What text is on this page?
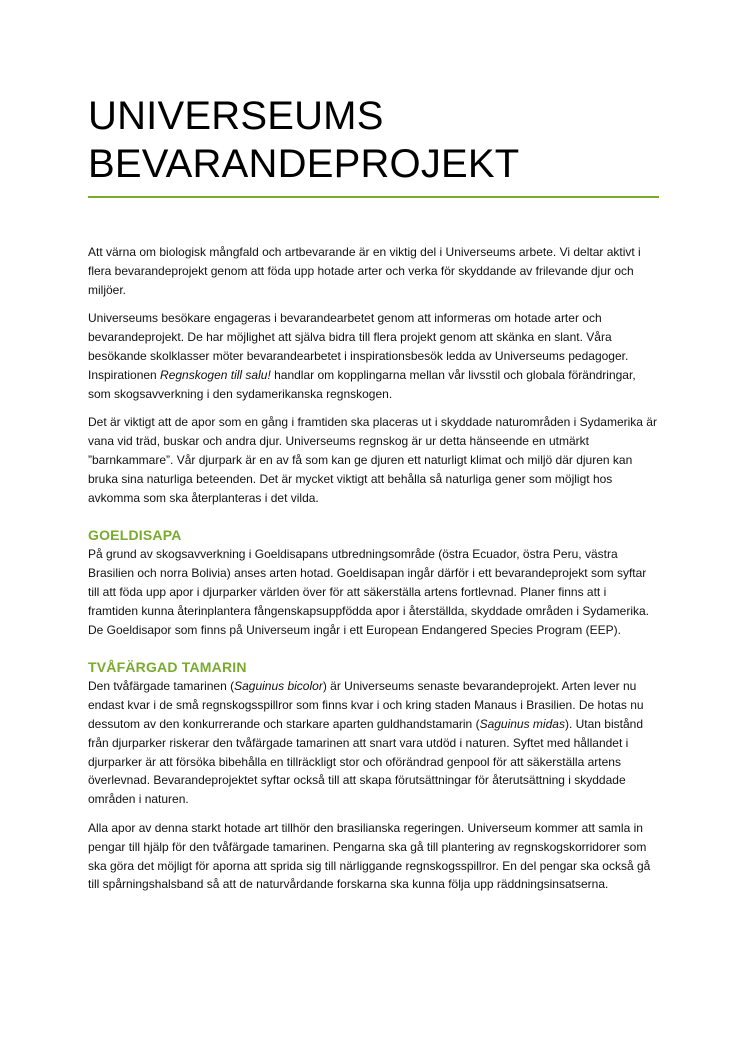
UNIVERSEUMS
BEVARANDEPROJEKT

Att värna om biologisk mångfald och artbevarande är en viktig del i Universeums arbete. Vi deltar aktivt i flera bevarandeprojekt genom att föda upp hotade arter och verka för skyddande av frilevande djur och miljöer.

Universeums besökare engageras i bevarandearbetet genom att informeras om hotade arter och bevarandeprojekt. De har möjlighet att själva bidra till flera projekt genom att skänka en slant. Våra besökande skolklasser möter bevarandearbetet i inspirationsbesök ledda av Universeums pedagoger. Inspirationen Regnskogen till salu! handlar om kopplingarna mellan vår livsstil och globala förändringar, som skogsavverkning i den sydamerikanska regnskogen.

Det är viktigt att de apor som en gång i framtiden ska placeras ut i skyddade naturområden i Sydamerika är vana vid träd, buskar och andra djur. Universeums regnskog är ur detta hänseende en utmärkt ”barnkammare”. Vår djurpark är en av få som kan ge djuren ett naturligt klimat och miljö där djuren kan bruka sina naturliga beteenden. Det är mycket viktigt att behålla så naturliga gener som möjligt hos avkomma som ska återplanteras i det vilda.

GOELDISAPA

På grund av skogsavverkning i Goeldisapans utbredningsområde (östra Ecuador, östra Peru, västra Brasilien och norra Bolivia) anses arten hotad. Goeldisapan ingår därför i ett bevarandeprojekt som syftar till att föda upp apor i djurparker världen över för att säkerställa artens fortlevnad. Planer finns att i framtiden kunna återinplantera fångenskapsuppfödda apor i återställda, skyddade områden i Sydamerika. De Goeldisapor som finns på Universeum ingår i ett European Endangered Species Program (EEP).

TVÅFÄRGAD TAMARIN

Den tvåfärgade tamarinen (Saguinus bicolor) är Universeums senaste bevarandeprojekt. Arten lever nu endast kvar i de små regnskogsspillror som finns kvar i och kring staden Manaus i Brasilien. De hotas nu dessutom av den konkurrerande och starkare aparten guldhandstamarin (Saguinus midas). Utan bistånd från djurparker riskerar den tvåfärgade tamarinen att snart vara utdöd i naturen. Syftet med hållandet i djurparker är att försöka bibehålla en tillräckligt stor och oförändrad genpool för att säkerställa artens överlevnad. Bevarandeprojektet syftar också till att skapa förutsättningar för återutsättning i skyddade områden i naturen.

Alla apor av denna starkt hotade art tillhör den brasilianska regeringen. Universeum kommer att samla in pengar till hjälp för den tvåfärgade tamarinen. Pengarna ska gå till plantering av regnskogskorridorer som ska göra det möjligt för aporna att sprida sig till närliggande regnskogsspillror. En del pengar ska också gå till spårningshalsband så att de naturvårdande forskarna ska kunna följa upp räddningsinsatserna.
